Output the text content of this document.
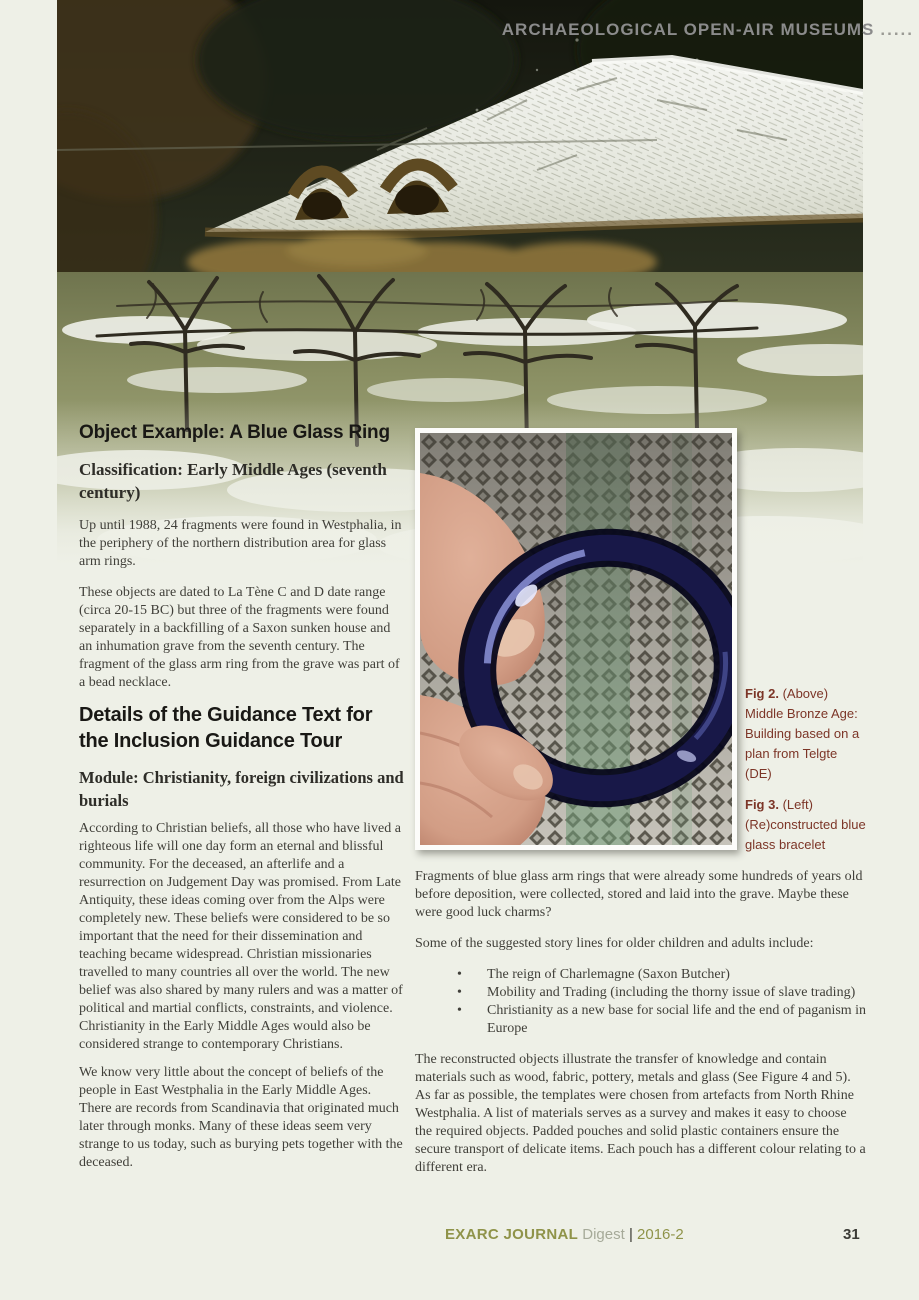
ARCHAEOLOGICAL OPEN-AIR MUSEUMS .....
Object Example: A Blue Glass Ring
Classification: Early Middle Ages (seventh century)

Up until 1988, 24 fragments were found in Westphalia, in the periphery of the northern distribution area for glass arm rings.

These objects are dated to La Tène C and D date range (circa 20-15 BC) but three of the fragments were found separately in a backfilling of a Saxon sunken house and an inhumation grave from the seventh century. The fragment of the glass arm ring from the grave was part of a bead necklace.

Details of the Guidance Text for the Inclusion Guidance Tour
Module: Christianity, foreign civilizations and burials

According to Christian beliefs, all those who have lived a righteous life will one day form an eternal and blissful community. For the deceased, an afterlife and a resurrection on Judgement Day was promised. From Late Antiquity, these ideas coming over from the Alps were completely new. These beliefs were considered to be so important that the need for their dissemination and teaching became widespread. Christian missionaries travelled to many countries all over the world. The new belief was also shared by many rulers and was a matter of political and martial conflicts, constraints, and violence. Christianity in the Early Middle Ages would also be considered strange to contemporary Christians.

We know very little about the concept of beliefs of the people in East Westphalia in the Early Middle Ages. There are records from Scandinavia that originated much later through monks. Many of these ideas seem very strange to us today, such as burying pets together with the deceased.

Fig 2. (Above) Middle Bronze Age: Building based on a plan from Telgte (DE)

Fig 3. (Left) (Re)constructed blue glass bracelet

Fragments of blue glass arm rings that were already some hundreds of years old before deposition, were collected, stored and laid into the grave. Maybe these were good luck charms?

Some of the suggested story lines for older children and adults include:

• The reign of Charlemagne (Saxon Butcher)
• Mobility and Trading (including the thorny issue of slave trading)
• Christianity as a new base for social life and the end of paganism in Europe

The reconstructed objects illustrate the transfer of knowledge and contain materials such as wood, fabric, pottery, metals and glass (See Figure 4 and 5). As far as possible, the templates were chosen from artefacts from North Rhine Westphalia. A list of materials serves as a survey and makes it easy to choose the required objects. Padded pouches and solid plastic containers ensure the secure transport of delicate items. Each pouch has a different colour relating to a different era.

EXARC JOURNAL Digest | 2016-2	31
